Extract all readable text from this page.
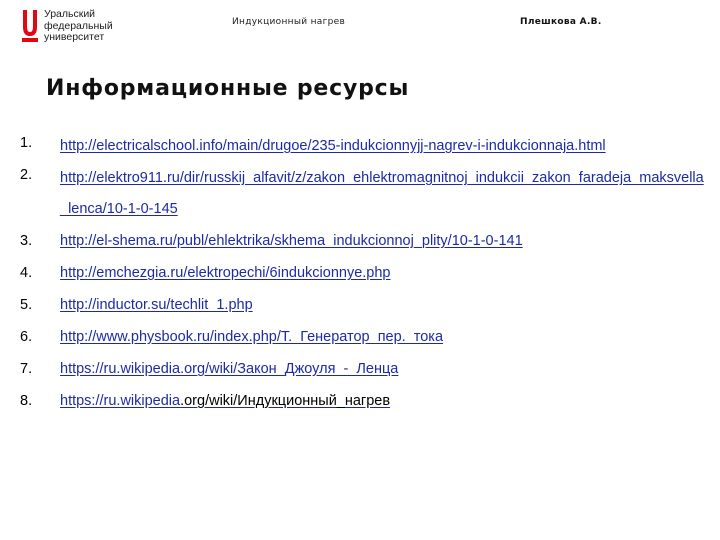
Уральский
федеральный
университет
Индукционный нагрев	Плешкова А.В.
Информационные ресурсы
1.	http://electricalschool.info/main/drugoe/235-indukcionnyjj-nagrev-i-indukcionnaja.html
2.	http://elektro911.ru/dir/russkij_alfavit/z/zakon_ehlektromagnitnoj_indukcii_zakon_faradeja_maksvella_lenca/10-1-0-145
3.	http://el-shema.ru/publ/ehlektrika/skhema_indukcionnoj_plity/10-1-0-141
4.	http://emchezgia.ru/elektropechi/6indukcionnye.php
5.	http://inductor.su/techlit_1.php
6.	http://www.physbook.ru/index.php/Т._Генератор_пер._тока
7.	https://ru.wikipedia.org/wiki/Закон_Джоуля_-_Ленца
8.	https://ru.wikipedia.org/wiki/Индукционный_нагрев
